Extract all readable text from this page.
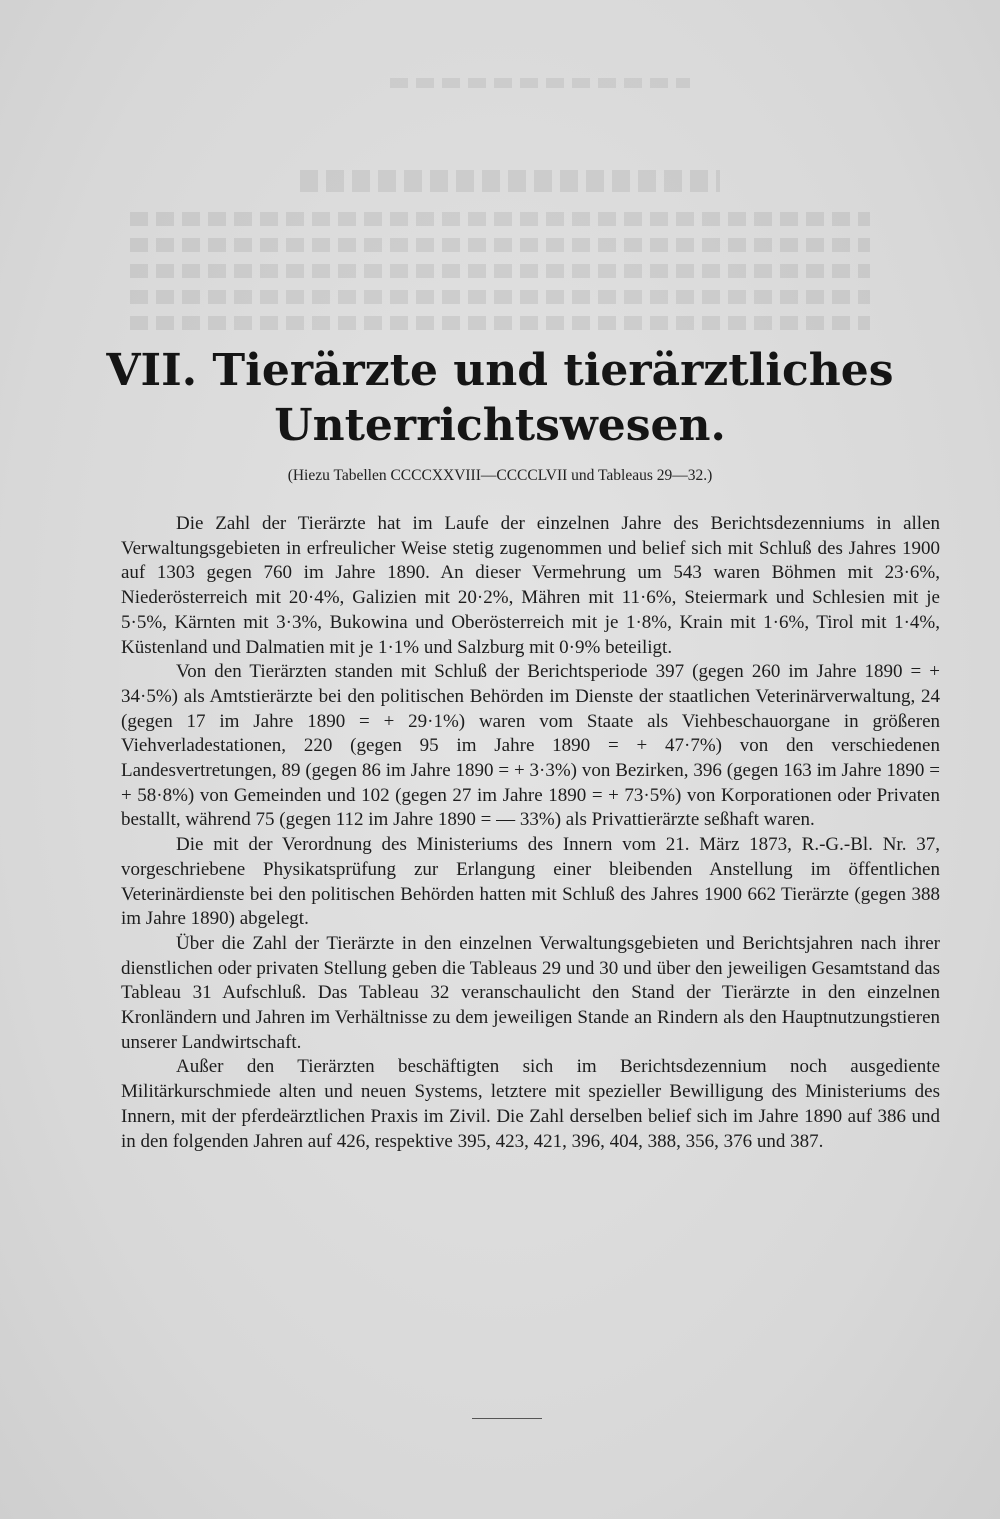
VII. Tierärzte und tierärztliches
Unterrichtswesen.
(Hiezu Tabellen CCCCXXVIII—CCCCLVII und Tableaus 29—32.)

Die Zahl der Tierärzte hat im Laufe der einzelnen Jahre des Berichtsdezenniums in allen Verwaltungsgebieten in erfreulicher Weise stetig zugenommen und belief sich mit Schluß des Jahres 1900 auf 1303 gegen 760 im Jahre 1890. An dieser Vermehrung um 543 waren Böhmen mit 23·6%, Niederösterreich mit 20·4%, Galizien mit 20·2%, Mähren mit 11·6%, Steiermark und Schlesien mit je 5·5%, Kärnten mit 3·3%, Bukowina und Oberösterreich mit je 1·8%, Krain mit 1·6%, Tirol mit 1·4%, Küstenland und Dalmatien mit je 1·1% und Salzburg mit 0·9% beteiligt.

Von den Tierärzten standen mit Schluß der Berichtsperiode 397 (gegen 260 im Jahre 1890 = + 34·5%) als Amtstierärzte bei den politischen Behörden im Dienste der staatlichen Veterinärverwaltung, 24 (gegen 17 im Jahre 1890 = + 29·1%) waren vom Staate als Viehbeschauorgane in größeren Viehverladestationen, 220 (gegen 95 im Jahre 1890 = + 47·7%) von den verschiedenen Landesvertretungen, 89 (gegen 86 im Jahre 1890 = + 3·3%) von Bezirken, 396 (gegen 163 im Jahre 1890 = + 58·8%) von Gemeinden und 102 (gegen 27 im Jahre 1890 = + 73·5%) von Korporationen oder Privaten bestallt, während 75 (gegen 112 im Jahre 1890 = — 33%) als Privattierärzte seßhaft waren.

Die mit der Verordnung des Ministeriums des Innern vom 21. März 1873, R.-G.-Bl. Nr. 37, vorgeschriebene Physikatsprüfung zur Erlangung einer bleibenden Anstellung im öffentlichen Veterinärdienste bei den politischen Behörden hatten mit Schluß des Jahres 1900 662 Tierärzte (gegen 388 im Jahre 1890) abgelegt.

Über die Zahl der Tierärzte in den einzelnen Verwaltungsgebieten und Berichtsjahren nach ihrer dienstlichen oder privaten Stellung geben die Tableaus 29 und 30 und über den jeweiligen Gesamtstand das Tableau 31 Aufschluß. Das Tableau 32 veranschaulicht den Stand der Tierärzte in den einzelnen Kronländern und Jahren im Verhältnisse zu dem jeweiligen Stande an Rindern als den Hauptnutzungstieren unserer Landwirtschaft.

Außer den Tierärzten beschäftigten sich im Berichtsdezennium noch ausgediente Militärkurschmiede alten und neuen Systems, letztere mit spezieller Bewilligung des Ministeriums des Innern, mit der pferdeärztlichen Praxis im Zivil. Die Zahl derselben belief sich im Jahre 1890 auf 386 und in den folgenden Jahren auf 426, respektive 395, 423, 421, 396, 404, 388, 356, 376 und 387.
